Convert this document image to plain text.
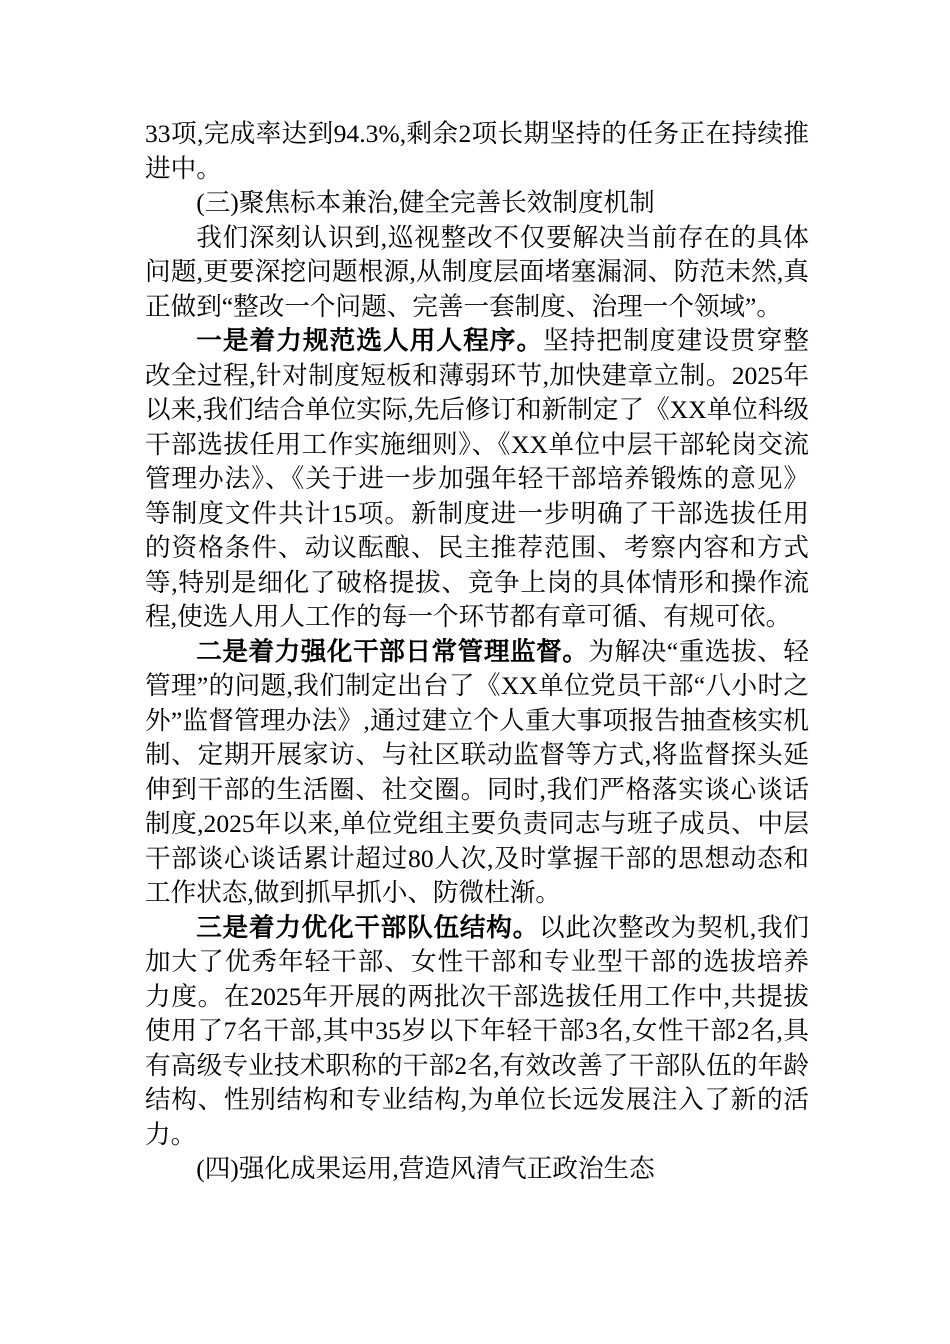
33项,完成率达到94.3%,剩余2项长期坚持的任务正在持续推进中。

(三)聚焦标本兼治,健全完善长效制度机制

我们深刻认识到,巡视整改不仅要解决当前存在的具体问题,更要深挖问题根源,从制度层面堵塞漏洞、防范未然,真正做到“整改一个问题、完善一套制度、治理一个领域”。

一是着力规范选人用人程序。坚持把制度建设贯穿整改全过程,针对制度短板和薄弱环节,加快建章立制。2025年以来,我们结合单位实际,先后修订和新制定了《XX单位科级干部选拔任用工作实施细则》、《XX单位中层干部轮岗交流管理办法》、《关于进一步加强年轻干部培养锻炼的意见》等制度文件共计15项。新制度进一步明确了干部选拔任用的资格条件、动议酝酿、民主推荐范围、考察内容和方式等,特别是细化了破格提拔、竞争上岗的具体情形和操作流程,使选人用人工作的每一个环节都有章可循、有规可依。

二是着力强化干部日常管理监督。为解决“重选拔、轻管理”的问题,我们制定出台了《XX单位党员干部“八小时之外”监督管理办法》,通过建立个人重大事项报告抽查核实机制、定期开展家访、与社区联动监督等方式,将监督探头延伸到干部的生活圈、社交圈。同时,我们严格落实谈心谈话制度,2025年以来,单位党组主要负责同志与班子成员、中层干部谈心谈话累计超过80人次,及时掌握干部的思想动态和工作状态,做到抓早抓小、防微杜渐。

三是着力优化干部队伍结构。以此次整改为契机,我们加大了优秀年轻干部、女性干部和专业型干部的选拔培养力度。在2025年开展的两批次干部选拔任用工作中,共提拔使用了7名干部,其中35岁以下年轻干部3名,女性干部2名,具有高级专业技术职称的干部2名,有效改善了干部队伍的年龄结构、性别结构和专业结构,为单位长远发展注入了新的活力。

(四)强化成果运用,营造风清气正政治生态
